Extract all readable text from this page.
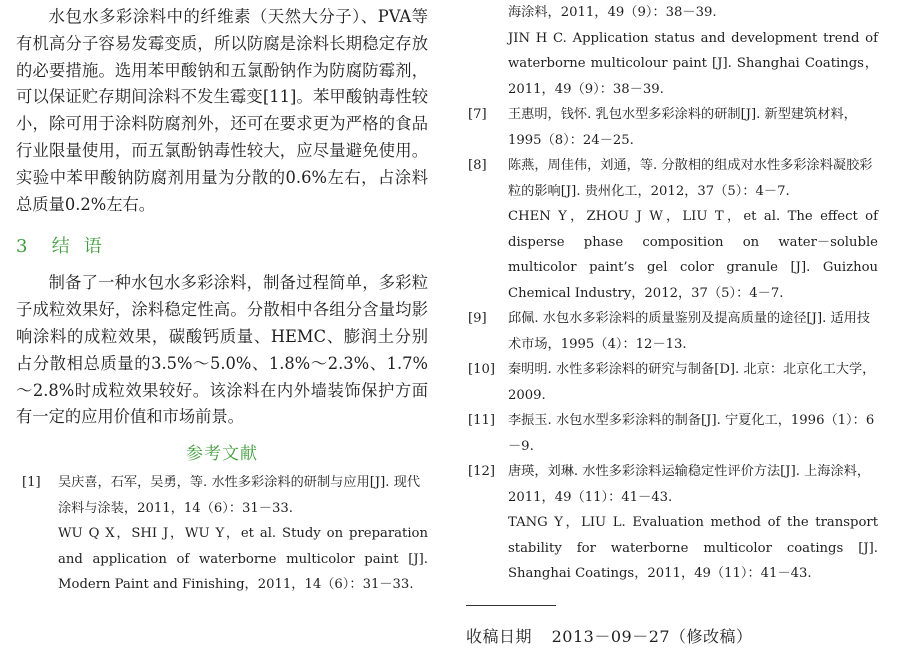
水包水多彩涂料中的纤维素（天然大分子）、PVA等有机高分子容易发霉变质，所以防腐是涂料长期稳定存放的必要措施。选用苯甲酸钠和五氯酚钠作为防腐防霉剂，可以保证贮存期间涂料不发生霉变[11]。苯甲酸钠毒性较小，除可用于涂料防腐剂外，还可在要求更为严格的食品行业限量使用，而五氯酚钠毒性较大，应尽量避免使用。实验中苯甲酸钠防腐剂用量为分散的0.6%左右，占涂料总质量0.2%左右。

3 结语

制备了一种水包水多彩涂料，制备过程简单，多彩粒子成粒效果好，涂料稳定性高。分散相中各组分含量均影响涂料的成粒效果，碳酸钙质量、HEMC、膨润土分别占分散相总质量的3.5%～5.0%、1.8%～2.3%、1.7%～2.8%时成粒效果较好。该涂料在内外墙装饰保护方面有一定的应用价值和市场前景。

参考文献
[1] 吴庆喜，石军，吴勇，等. 水性多彩涂料的研制与应用[J]. 现代涂料与涂装，2011，14（6）：31－33.
WU Q X，SHI J，WU Y，et al. Study on preparation and application of waterborne multicolor paint [J]. Modern Paint and Finishing，2011，14（6）：31－33.
海涂料，2011，49（9）：38－39.
JIN H C. Application status and development trend of waterborne multicolour paint [J]. Shanghai Coatings，2011，49（9）：38－39.
[7] 王惠明，钱怀. 乳包水型多彩涂料的研制[J]. 新型建筑材料，1995（8）：24－25.
[8] 陈燕，周佳伟，刘通，等. 分散相的组成对水性多彩涂料凝胶彩粒的影响[J]. 贵州化工，2012，37（5）：4－7.
CHEN Y，ZHOU J W，LIU T，et al. The effect of disperse phase composition on water－soluble multicolor paint’s gel color granule [J]. Guizhou Chemical Industry，2012，37（5）：4－7.
[9] 邱佩. 水包水多彩涂料的质量鉴别及提高质量的途径[J]. 适用技术市场，1995（4）：12－13.
[10] 秦明明. 水性多彩涂料的研究与制备[D]. 北京：北京化工大学，2009.
[11] 李振玉. 水包水型多彩涂料的制备[J]. 宁夏化工，1996（1）：6－9.
[12] 唐瑛，刘琳. 水性多彩涂料运输稳定性评价方法[J]. 上海涂料，2011，49（11）：41－43.
TANG Y，LIU L. Evaluation method of the transport stability for waterborne multicolor coatings [J]. Shanghai Coatings，2011，49（11）：41－43.
收稿日期 2013－09－27（修改稿）
